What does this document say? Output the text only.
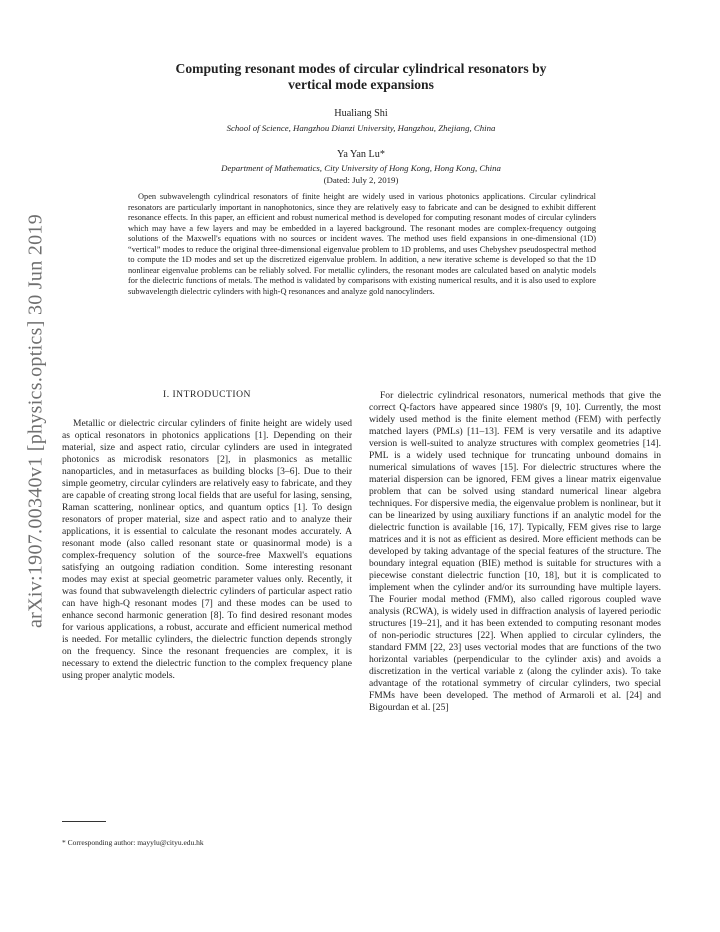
arXiv:1907.00340v1 [physics.optics] 30 Jun 2019
Computing resonant modes of circular cylindrical resonators by
vertical mode expansions
Hualiang Shi
School of Science, Hangzhou Dianzi University, Hangzhou, Zhejiang, China
Ya Yan Lu*
Department of Mathematics, City University of Hong Kong, Hong Kong, China
(Dated: July 2, 2019)

Open subwavelength cylindrical resonators of finite height are widely used in various photonics applications. Circular cylindrical resonators are particularly important in nanophotonics, since they are relatively easy to fabricate and can be designed to exhibit different resonance effects. In this paper, an efficient and robust numerical method is developed for computing resonant modes of circular cylinders which may have a few layers and may be embedded in a layered background. The resonant modes are complex-frequency outgoing solutions of the Maxwell's equations with no sources or incident waves. The method uses field expansions in one-dimensional (1D) “vertical” modes to reduce the original three-dimensional eigenvalue problem to 1D problems, and uses Chebyshev pseudospectral method to compute the 1D modes and set up the discretized eigenvalue problem. In addition, a new iterative scheme is developed so that the 1D nonlinear eigenvalue problems can be reliably solved. For metallic cylinders, the resonant modes are calculated based on analytic models for the dielectric functions of metals. The method is validated by comparisons with existing numerical results, and it is also used to explore subwavelength dielectric cylinders with high-Q resonances and analyze gold nanocylinders.

I. INTRODUCTION

Metallic or dielectric circular cylinders of finite height are widely used as optical resonators in photonics applications [1]. Depending on their material, size and aspect ratio, circular cylinders are used in integrated photonics as microdisk resonators [2], in plasmonics as metallic nanoparticles, and in metasurfaces as building blocks [3–6]. Due to their simple geometry, circular cylinders are relatively easy to fabricate, and they are capable of creating strong local fields that are useful for lasing, sensing, Raman scattering, nonlinear optics, and quantum optics [1]. To design resonators of proper material, size and aspect ratio and to analyze their applications, it is essential to calculate the resonant modes accurately. A resonant mode (also called resonant state or quasinormal mode) is a complex-frequency solution of the source-free Maxwell's equations satisfying an outgoing radiation condition. Some interesting resonant modes may exist at special geometric parameter values only. Recently, it was found that subwavelength dielectric cylinders of particular aspect ratio can have high-Q resonant modes [7] and these modes can be used to enhance second harmonic generation [8]. To find desired resonant modes for various applications, a robust, accurate and efficient numerical method is needed. For metallic cylinders, the dielectric function depends strongly on the frequency. Since the resonant frequencies are complex, it is necessary to extend the dielectric function to the complex frequency plane using proper analytic models.

For dielectric cylindrical resonators, numerical methods that give the correct Q-factors have appeared since 1980's [9, 10]. Currently, the most widely used method is the finite element method (FEM) with perfectly matched layers (PMLs) [11–13]. FEM is very versatile and its adaptive version is well-suited to analyze structures with complex geometries [14]. PML is a widely used technique for truncating unbound domains in numerical simulations of waves [15]. For dielectric structures where the material dispersion can be ignored, FEM gives a linear matrix eigenvalue problem that can be solved using standard numerical linear algebra techniques. For dispersive media, the eigenvalue problem is nonlinear, but it can be linearized by using auxiliary functions if an analytic model for the dielectric function is available [16, 17]. Typically, FEM gives rise to large matrices and it is not as efficient as desired. More efficient methods can be developed by taking advantage of the special features of the structure. The boundary integral equation (BIE) method is suitable for structures with a piecewise constant dielectric function [10, 18], but it is complicated to implement when the cylinder and/or its surrounding have multiple layers. The Fourier modal method (FMM), also called rigorous coupled wave analysis (RCWA), is widely used in diffraction analysis of layered periodic structures [19–21], and it has been extended to computing resonant modes of non-periodic structures [22]. When applied to circular cylinders, the standard FMM [22, 23] uses vectorial modes that are functions of the two horizontal variables (perpendicular to the cylinder axis) and avoids a discretization in the vertical variable z (along the cylinder axis). To take advantage of the rotational symmetry of circular cylinders, two special FMMs have been developed. The method of Armaroli et al. [24] and Bigourdan et al. [25]

* Corresponding author: mayylu@cityu.edu.hk
